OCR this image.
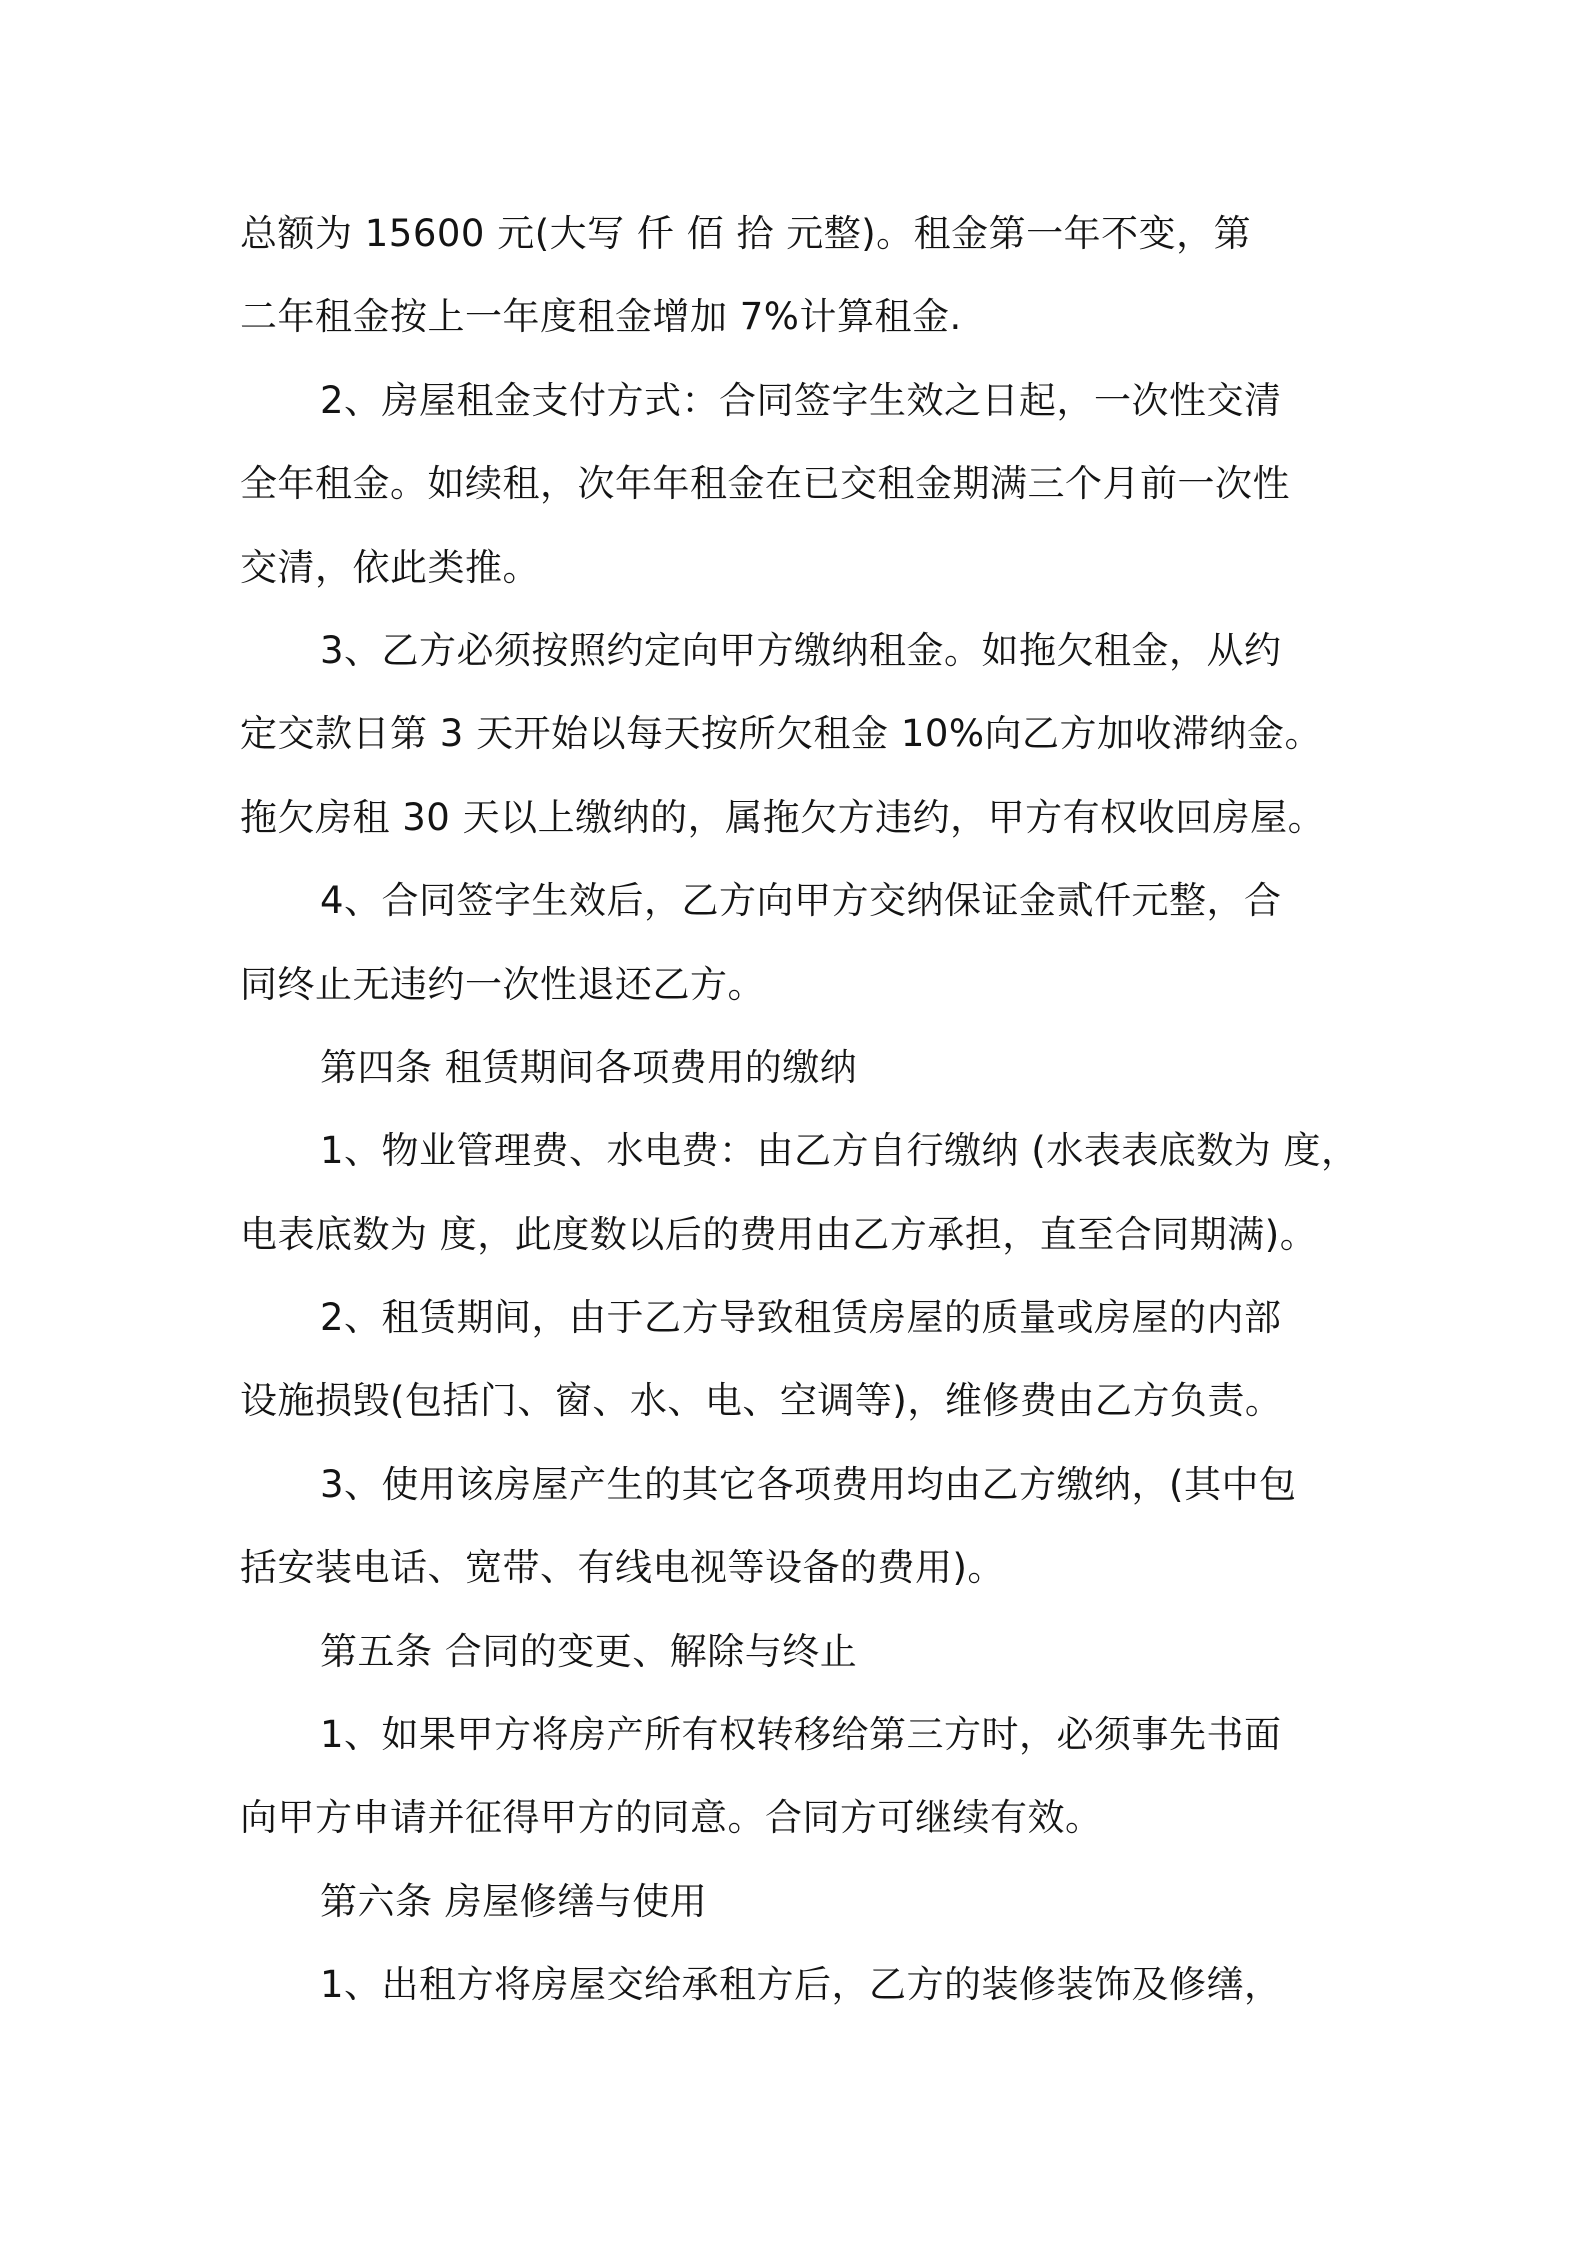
总额为 15600 元(大写 仟 佰 拾 元整)。租金第一年不变，第
二年租金按上一年度租金增加 7%计算租金.
2、房屋租金支付方式：合同签字生效之日起，一次性交清
全年租金。如续租，次年年租金在已交租金期满三个月前一次性
交清，依此类推。
3、乙方必须按照约定向甲方缴纳租金。如拖欠租金，从约
定交款日第 3 天开始以每天按所欠租金 10%向乙方加收滞纳金。
拖欠房租 30 天以上缴纳的，属拖欠方违约，甲方有权收回房屋。
4、合同签字生效后，乙方向甲方交纳保证金贰仟元整，合
同终止无违约一次性退还乙方。
第四条 租赁期间各项费用的缴纳
1、物业管理费、水电费：由乙方自行缴纳 (水表表底数为 度，
电表底数为 度，此度数以后的费用由乙方承担，直至合同期满)。
2、租赁期间，由于乙方导致租赁房屋的质量或房屋的内部
设施损毁(包括门、窗、水、电、空调等)，维修费由乙方负责。
3、使用该房屋产生的其它各项费用均由乙方缴纳，(其中包
括安装电话、宽带、有线电视等设备的费用)。
第五条 合同的变更、解除与终止
1、如果甲方将房产所有权转移给第三方时，必须事先书面
向甲方申请并征得甲方的同意。合同方可继续有效。
第六条 房屋修缮与使用
1、出租方将房屋交给承租方后，乙方的装修装饰及修缮，
